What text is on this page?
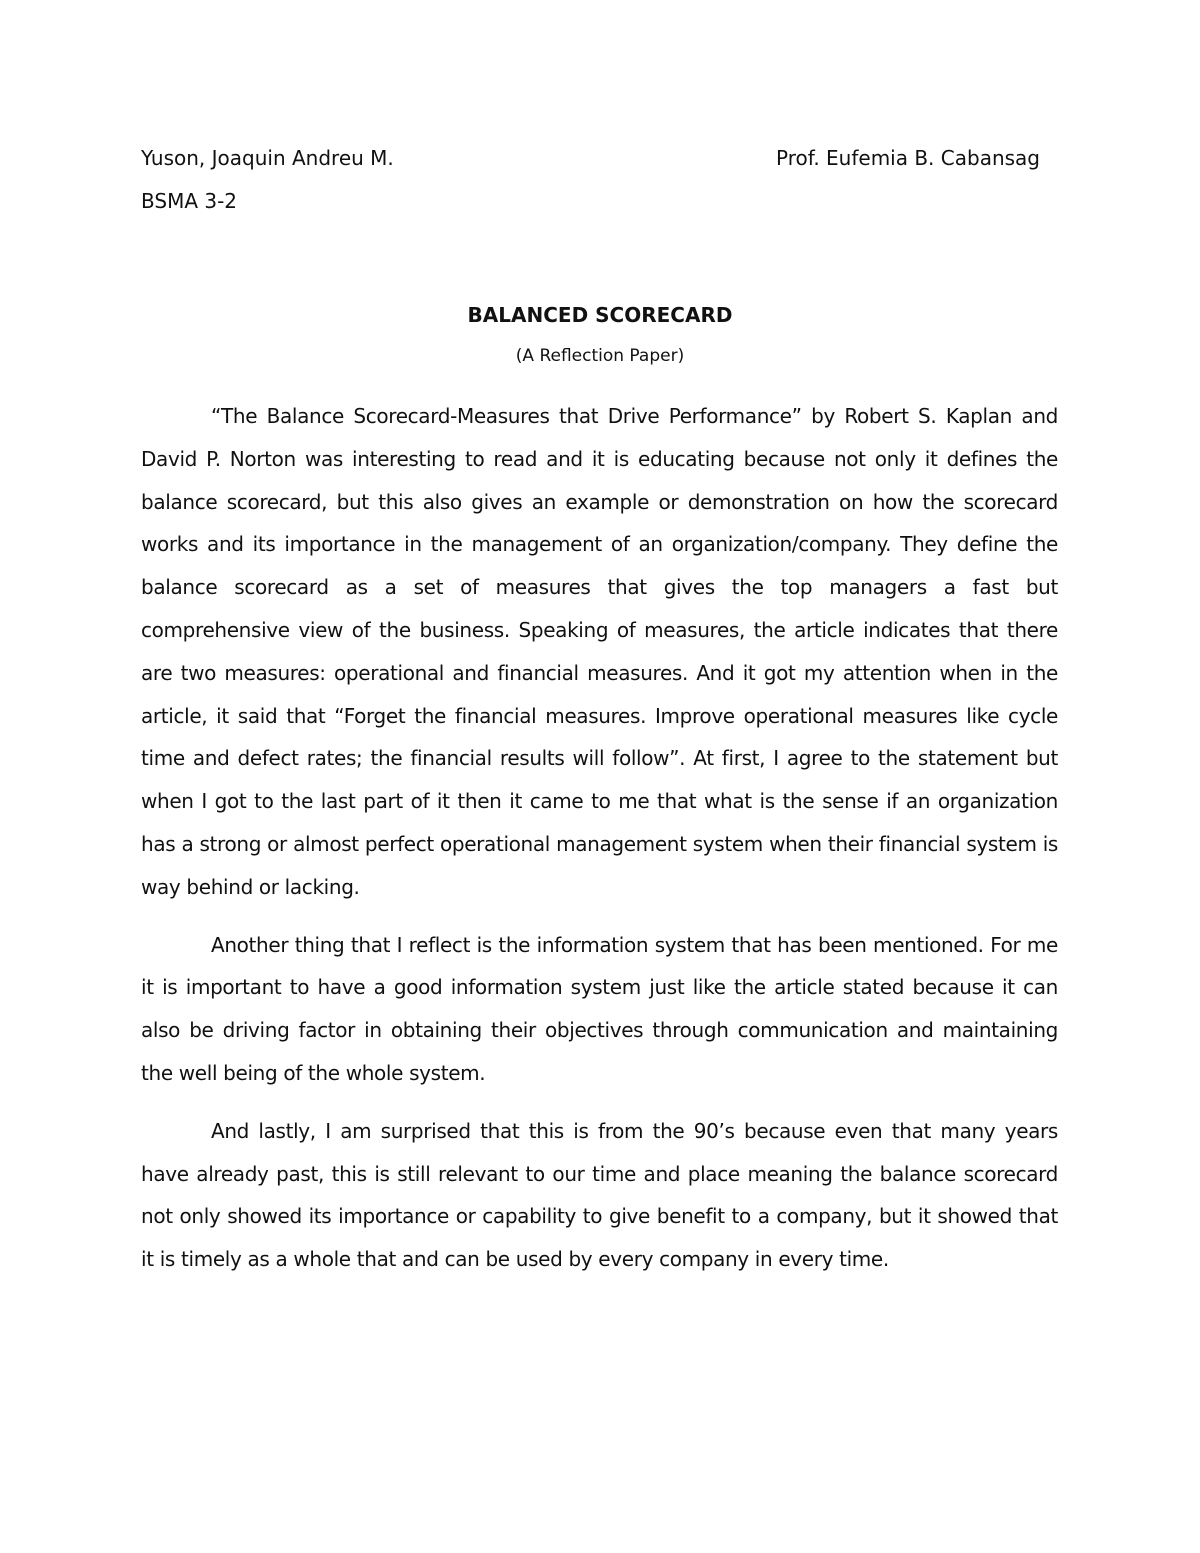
Yuson, Joaquin Andreu M.	Prof. Eufemia B. Cabansag
BSMA 3-2
BALANCED SCORECARD
(A Reflection Paper)

“The Balance Scorecard-Measures that Drive Performance” by Robert S. Kaplan and David P. Norton was interesting to read and it is educating because not only it defines the balance scorecard, but this also gives an example or demonstration on how the scorecard works and its importance in the management of an organization/company. They define the balance scorecard as a set of measures that gives the top managers a fast but comprehensive view of the business. Speaking of measures, the article indicates that there are two measures: operational and financial measures. And it got my attention when in the article, it said that “Forget the financial measures. Improve operational measures like cycle time and defect rates; the financial results will follow”. At first, I agree to the statement but when I got to the last part of it then it came to me that what is the sense if an organization has a strong or almost perfect operational management system when their financial system is way behind or lacking.

Another thing that I reflect is the information system that has been mentioned. For me it is important to have a good information system just like the article stated because it can also be driving factor in obtaining their objectives through communication and maintaining the well being of the whole system.

And lastly, I am surprised that this is from the 90’s because even that many years have already past, this is still relevant to our time and place meaning the balance scorecard not only showed its importance or capability to give benefit to a company, but it showed that it is timely as a whole that and can be used by every company in every time.
